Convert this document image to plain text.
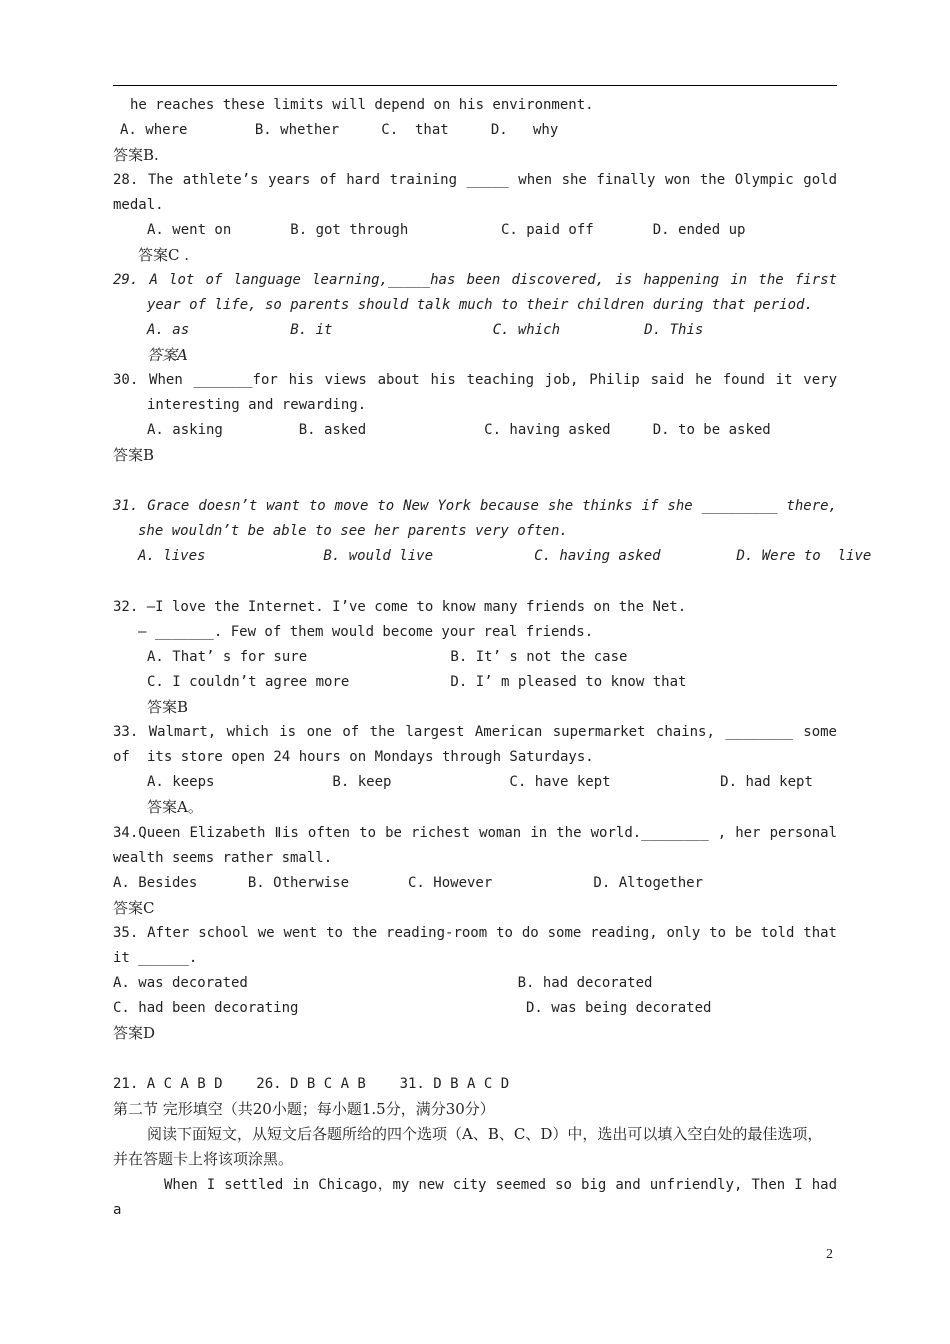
he reaches these limits will depend on his environment.
A. where        B. whether     C.  that     D.   why
答案B.
28. The athlete’s years of hard training _____ when she finally won the Olympic gold
medal.
A. went on       B. got through           C. paid off       D. ended up
答案C .
29. A lot of language learning,_____has been discovered, is happening in the first
year of life, so parents should talk much to their children during that period.
A. as            B. it                   C. which          D. This
答案A
30. When _______for his views about his teaching job, Philip said he found it very
interesting and rewarding.
A. asking         B. asked              C. having asked     D. to be asked
答案B
31. Grace doesn’t want to move to New York because she thinks if she _________ there,
she wouldn’t be able to see her parents very often.
A. lives              B. would live            C. having asked         D. Were to  live
32. —I love the Internet. I’ve come to know many friends on the Net.
— _______. Few of them would become your real friends.
A. That’ s for sure                 B. It’ s not the case
C. I couldn’t agree more            D. I’ m pleased to know that
答案B
33. Walmart, which is one of the largest American supermarket chains, ________ some of	its store open 24 hours on Mondays through Saturdays.
A. keeps              B. keep              C. have kept             D. had kept
答案A。
34.Queen Elizabeth Ⅱis often to be richest woman in the world.________ , her personal
wealth seems rather small.
A. Besides      B. Otherwise       C. However            D. Altogether
答案C
35. After school we went to the reading-room to do some reading, only to be told that
it ______.
A. was decorated                                B. had decorated
C. had been decorating                           D. was being decorated
答案D
21. A C A B D    26. D B C A B    31. D B A C D
第二节 完形填空（共20小题；每小题1.5分，满分30分）
阅读下面短文，从短文后各题所给的四个选项（A、B、C、D）中，选出可以填入空白处的最佳选项，
并在答题卡上将该项涂黑。
When I settled in Chicago，my new city seemed so big and unfriendly, Then I had
a
2
